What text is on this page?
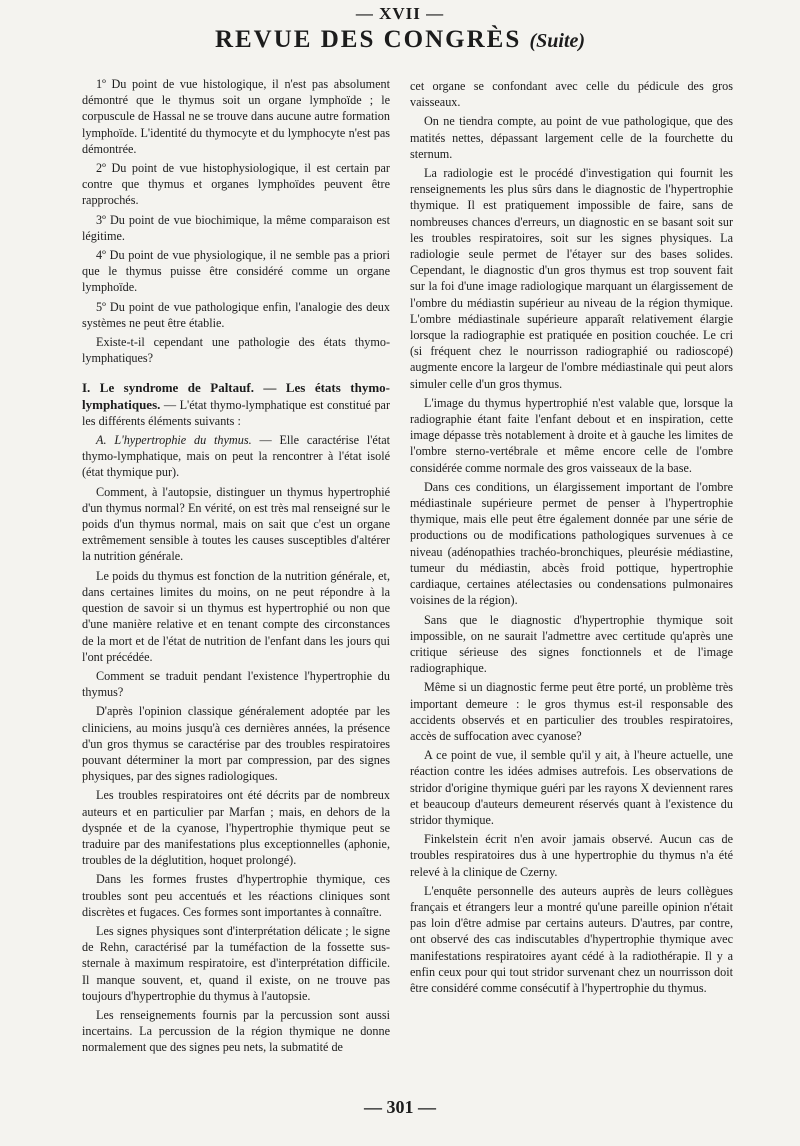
— XVII —
REVUE DES CONGRÈS (Suite)

1º Du point de vue histologique, il n'est pas absolument démontré que le thymus soit un organe lymphoïde ; le corpuscule de Hassal ne se trouve dans aucune autre formation lymphoïde. L'identité du thymocyte et du lymphocyte n'est pas démontrée.

2º Du point de vue histophysiologique, il est certain par contre que thymus et organes lymphoïdes peuvent être rapprochés.

3º Du point de vue biochimique, la même comparaison est légitime.

4º Du point de vue physiologique, il ne semble pas a priori que le thymus puisse être considéré comme un organe lymphoïde.

5º Du point de vue pathologique enfin, l'analogie des deux systèmes ne peut être établie.

Existe-t-il cependant une pathologie des états thymo-lymphatiques?

I. Le syndrome de Paltauf. — Les états thymo-lymphatiques. — L'état thymo-lymphatique est constitué par les différents éléments suivants :

A. L'hypertrophie du thymus. — Elle caractérise l'état thymo-lymphatique, mais on peut la rencontrer à l'état isolé (état thymique pur).

Comment, à l'autopsie, distinguer un thymus hypertrophié d'un thymus normal? En vérité, on est très mal renseigné sur le poids d'un thymus normal, mais on sait que c'est un organe extrêmement sensible à toutes les causes susceptibles d'altérer la nutrition générale.

Le poids du thymus est fonction de la nutrition générale, et, dans certaines limites du moins, on ne peut répondre à la question de savoir si un thymus est hypertrophié ou non que d'une manière relative et en tenant compte des circonstances de la mort et de l'état de nutrition de l'enfant dans les jours qui l'ont précédée.

Comment se traduit pendant l'existence l'hypertrophie du thymus?

D'après l'opinion classique généralement adoptée par les cliniciens, au moins jusqu'à ces dernières années, la présence d'un gros thymus se caractérise par des troubles respiratoires pouvant déterminer la mort par compression, par des signes physiques, par des signes radiologiques.

Les troubles respiratoires ont été décrits par de nombreux auteurs et en particulier par Marfan ; mais, en dehors de la dyspnée et de la cyanose, l'hypertrophie thymique peut se traduire par des manifestations plus exceptionnelles (aphonie, troubles de la déglutition, hoquet prolongé).

Dans les formes frustes d'hypertrophie thymique, ces troubles sont peu accentués et les réactions cliniques sont discrètes et fugaces. Ces formes sont importantes à connaître.

Les signes physiques sont d'interprétation délicate ; le signe de Rehn, caractérisé par la tuméfaction de la fossette sus-sternale à maximum respiratoire, est d'interprétation difficile. Il manque souvent, et, quand il existe, on ne trouve pas toujours d'hypertrophie du thymus à l'autopsie.

Les renseignements fournis par la percussion sont aussi incertains. La percussion de la région thymique ne donne normalement que des signes peu nets, la submatité de

cet organe se confondant avec celle du pédicule des gros vaisseaux.

On ne tiendra compte, au point de vue pathologique, que des matités nettes, dépassant largement celle de la fourchette du sternum.

La radiologie est le procédé d'investigation qui fournit les renseignements les plus sûrs dans le diagnostic de l'hypertrophie thymique. Il est pratiquement impossible de faire, sans de nombreuses chances d'erreurs, un diagnostic en se basant soit sur les troubles respiratoires, soit sur les signes physiques. La radiologie seule permet de l'étayer sur des bases solides. Cependant, le diagnostic d'un gros thymus est trop souvent fait sur la foi d'une image radiologique marquant un élargissement de l'ombre du médiastin supérieur au niveau de la région thymique. L'ombre médiastinale supérieure apparaît relativement élargie lorsque la radiographie est pratiquée en position couchée. Le cri (si fréquent chez le nourrisson radiographié ou radioscopé) augmente encore la largeur de l'ombre médiastinale qui peut alors simuler celle d'un gros thymus.

L'image du thymus hypertrophié n'est valable que, lorsque la radiographie étant faite l'enfant debout et en inspiration, cette image dépasse très notablement à droite et à gauche les limites de l'ombre sterno-vertébrale et même encore celle de l'ombre considérée comme normale des gros vaisseaux de la base.

Dans ces conditions, un élargissement important de l'ombre médiastinale supérieure permet de penser à l'hypertrophie thymique, mais elle peut être également donnée par une série de productions ou de modifications pathologiques survenues à ce niveau (adénopathies trachéo-bronchiques, pleurésie médiastine, tumeur du médiastin, abcès froid pottique, hypertrophie cardiaque, certaines atélectasies ou condensations pulmonaires voisines de la région).

Sans que le diagnostic d'hypertrophie thymique soit impossible, on ne saurait l'admettre avec certitude qu'après une critique sérieuse des signes fonctionnels et de l'image radiographique.

Même si un diagnostic ferme peut être porté, un problème très important demeure : le gros thymus est-il responsable des accidents observés et en particulier des troubles respiratoires, accès de suffocation avec cyanose?

A ce point de vue, il semble qu'il y ait, à l'heure actuelle, une réaction contre les idées admises autrefois. Les observations de stridor d'origine thymique guéri par les rayons X deviennent rares et beaucoup d'auteurs demeurent réservés quant à l'existence du stridor thymique.

Finkelstein écrit n'en avoir jamais observé. Aucun cas de troubles respiratoires dus à une hypertrophie du thymus n'a été relevé à la clinique de Czerny.

L'enquête personnelle des auteurs auprès de leurs collègues français et étrangers leur a montré qu'une pareille opinion n'était pas loin d'être admise par certains auteurs. D'autres, par contre, ont observé des cas indiscutables d'hypertrophie thymique avec manifestations respiratoires ayant cédé à la radiothérapie. Il y a enfin ceux pour qui tout stridor survenant chez un nourrisson doit être considéré comme consécutif à l'hypertrophie du thymus.

— 301 —
